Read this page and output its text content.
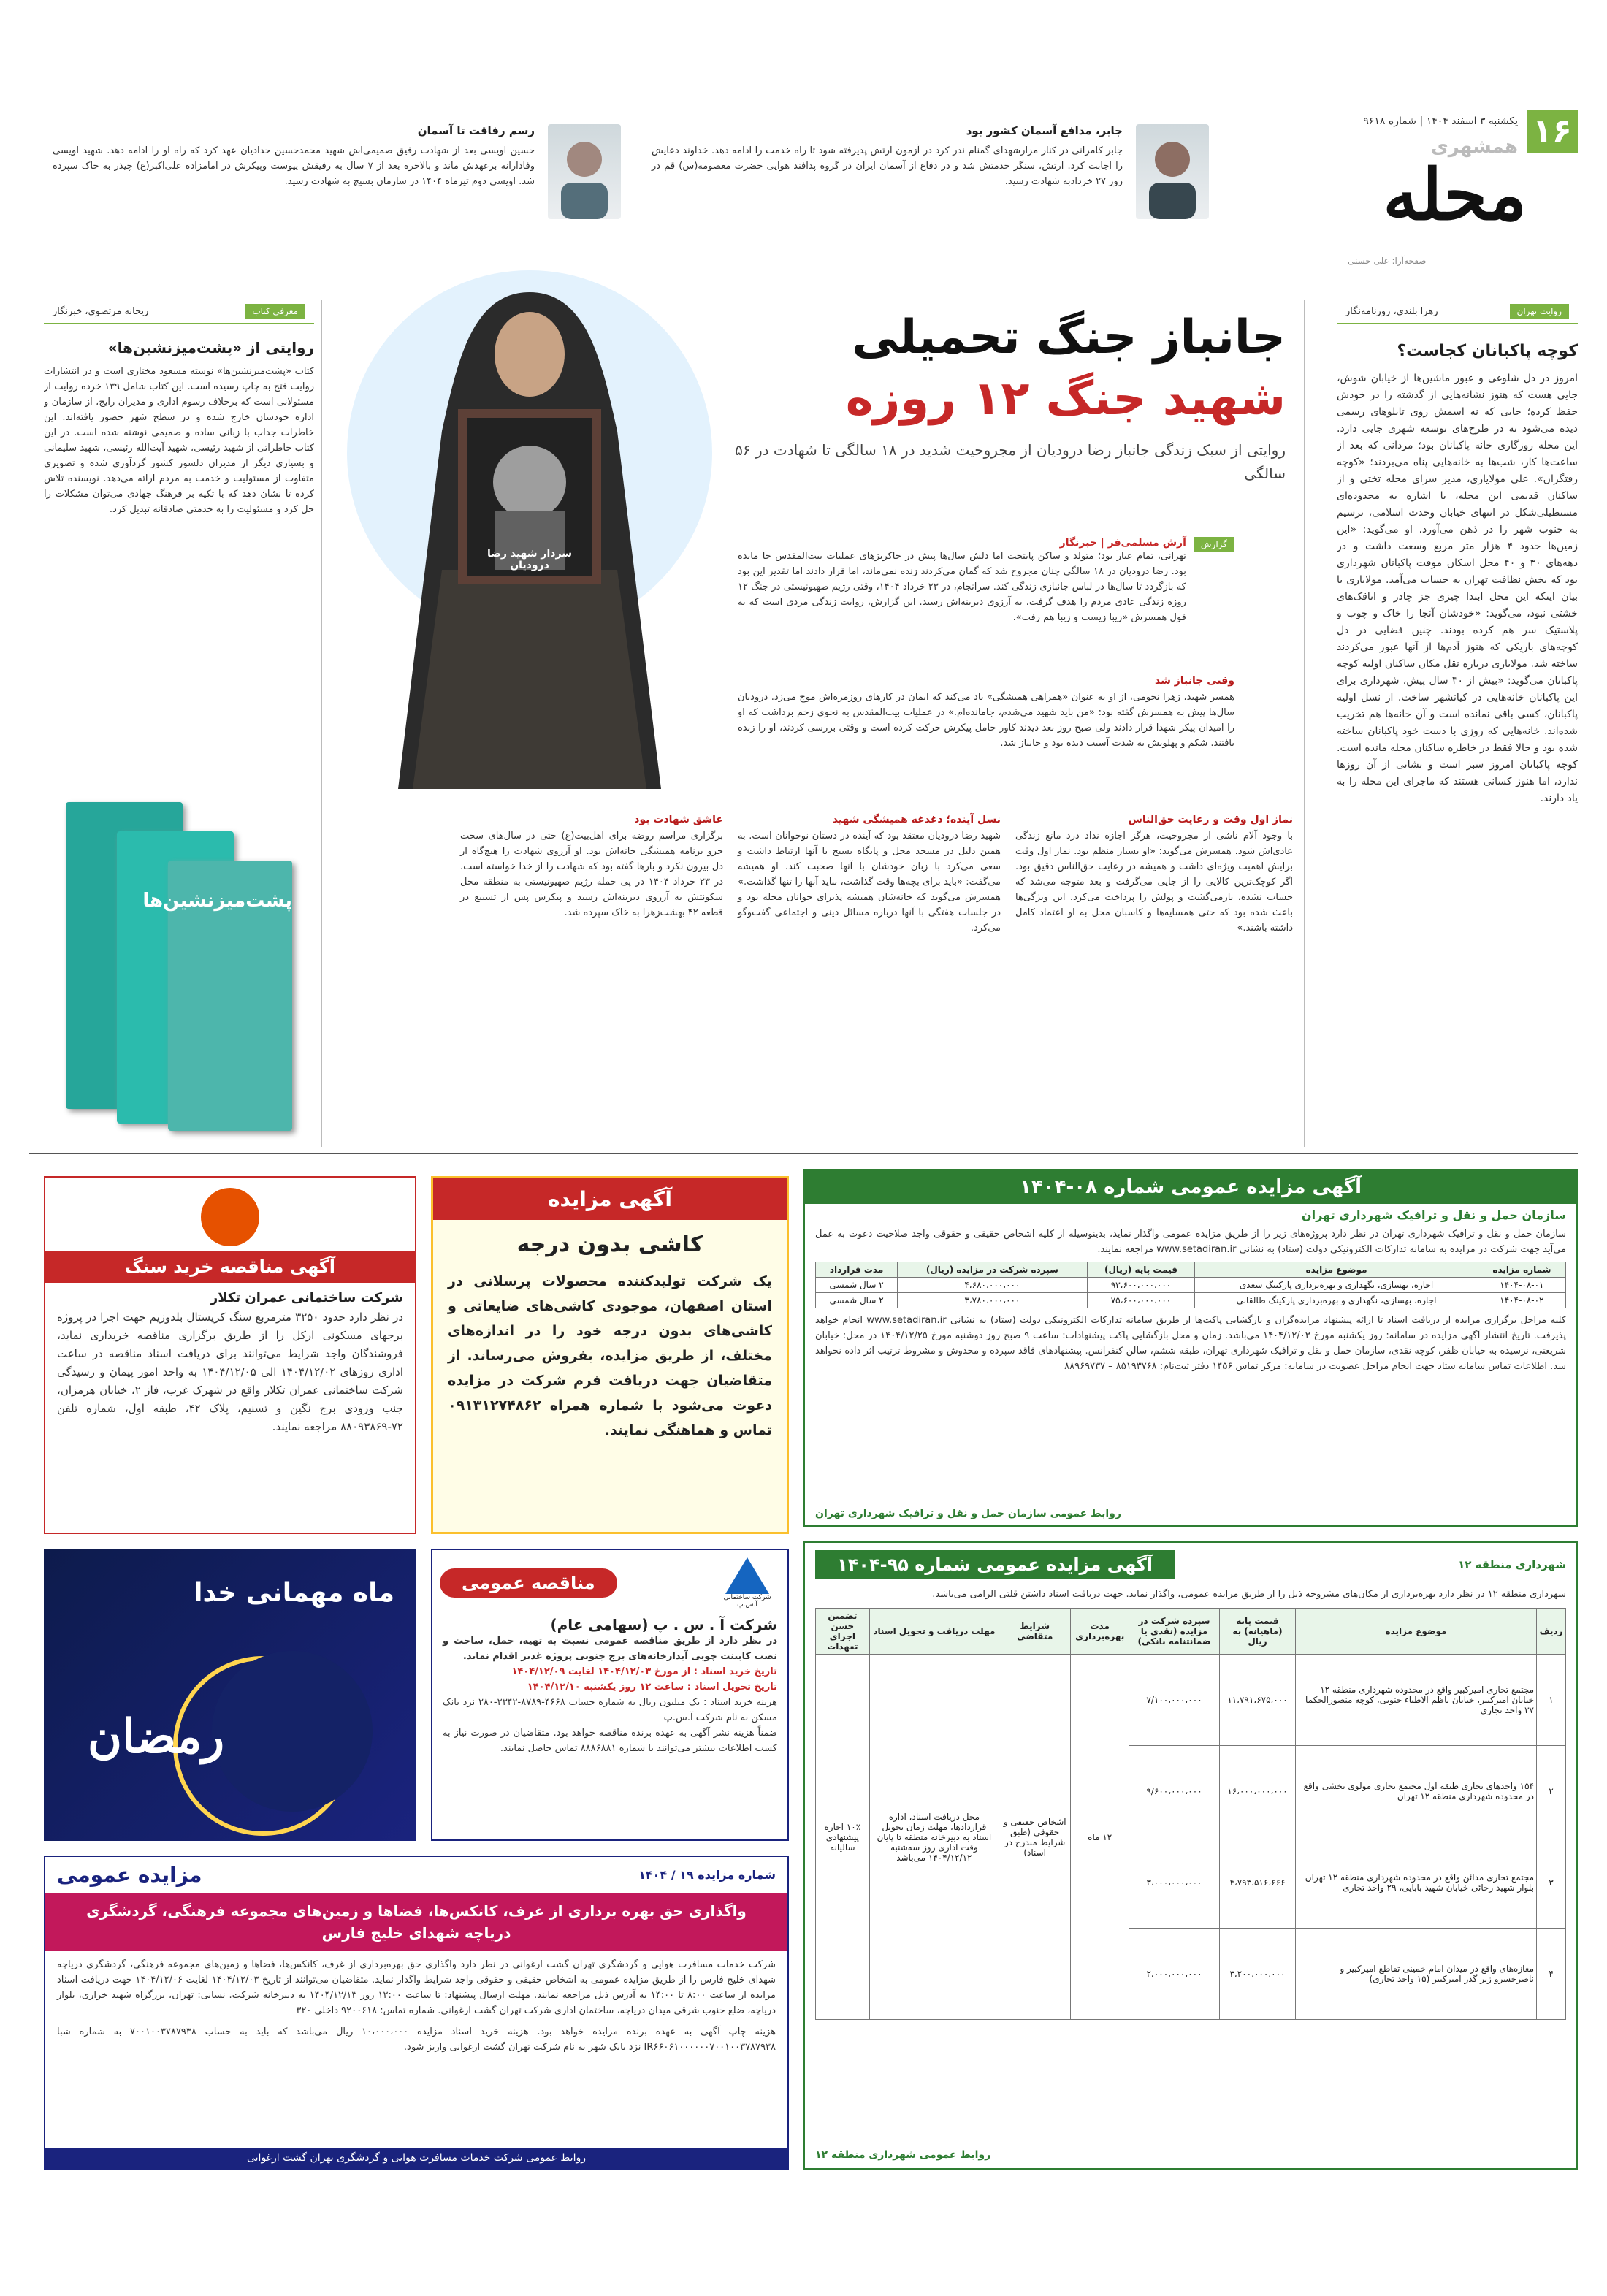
۱۶
یکشنبه ۳ اسفند ۱۴۰۴ | شماره ۹۶۱۸
همشهری
محله
صفحه‌آرا: علی حسنی
جابر، مدافع آسمان کشور بود
جابر کامرانی در کنار مزارشهدای گمنام نذر کرد در آزمون ارتش پذیرفته شود تا راه خدمت را ادامه دهد. خداوند دعایش را اجابت کرد. ارتش، سنگر خدمتش شد و در دفاع از آسمان ایران در گروه پدافند هوایی حضرت معصومه(س) قم در روز ۲۷ خردادبه شهادت رسید.
رسم رفاقت تا آسمان
حسین اویسی بعد از شهادت رفیق صمیمی‌اش شهید محمدحسین حدادیان عهد کرد که راه او را ادامه دهد. شهید اویسی وفادارانه برعهدش ماند و بالاخره بعد از ۷ سال به رفیقش پیوست وپیکرش در امامزاده علی‌اکبر(ع) چیذر به خاک سپرده شد. اویسی دوم تیرماه ۱۴۰۴ در سازمان بسیج به شهادت رسید.
روایت تهران
زهرا بلندی، روزنامه‌نگار
کوچه پاکبانان کجاست؟
امروز در دل شلوغی و عبور ماشین‌ها از خیابان شوش، جایی هست که هنوز نشانه‌هایی از گذشته را در خودش حفظ کرده؛ جایی که نه اسمش روی تابلوهای رسمی دیده می‌شود نه در طرح‌های توسعه شهری جایی دارد. این محله روزگاری خانه پاکبانان بود؛ مردانی که بعد از ساعت‌ها کار، شب‌ها به خانه‌هایی پناه می‌بردند؛ «کوچه رفتگران». علی مولایاری، مدیر سرای محله تختی و از ساکنان قدیمی این محله، با اشاره به محدوده‌ای مستطیلی‌شکل در انتهای خیابان وحدت اسلامی، ترسیم به جنوب شهر را در ذهن می‌آورد. او می‌گوید: «این زمین‌ها حدود ۴ هزار متر مربع وسعت داشت و در دهه‌های ۳۰ و ۴۰ محل اسکان موقت پاکبانان شهرداری بود که بخش نظافت تهران به حساب می‌آمد. مولایاری با بیان اینکه این محل ابتدا چیزی جز چادر و اتاقک‌های خشتی نبود، می‌گوید: «خودشان آنجا را خاک و چوب و پلاستیک سر هم کرده بودند. چنین فضایی در دل کوچه‌های باریکی که هنوز آدم‌ها از آنها عبور می‌کردند ساخته شد. مولایاری درباره نقل مکان ساکنان اولیه کوچه پاکبانان می‌گوید: «بیش از ۳۰ سال پیش، شهرداری برای این پاکبانان خانه‌هایی در کیانشهر ساخت. از نسل اولیه پاکبانان، کسی باقی نمانده است و آن خانه‌ها هم تخریب شده‌اند. خانه‌هایی که روزی با دست خود پاکبانان ساخته شده بود و حالا فقط در خاطره ساکنان محله مانده است. کوچه پاکبانان امروز سبز است و نشانی از آن روزها ندارد، اما هنوز کسانی هستند که ماجرای این محله را به یاد دارند.
جانباز جنگ تحمیلی
شهید جنگ ۱۲ روزه
روایتی از سبک زندگی جانباز رضا درودیان از مجروحیت شدید در ۱۸ سالگی تا شهادت در ۵۶ سالگی
سردار شهید رضا درودیان
گزارش
آرش مسلمی‌فر | خبرنگار
تهرانی، تمام عیار بود؛ متولد و ساکن پایتخت اما دلش سال‌ها پیش در خاکریزهای عملیات بیت‌المقدس جا مانده بود. رضا درودیان در ۱۸ سالگی چنان مجروح شد که گمان می‌کردند زنده نمی‌ماند، اما قرار دادند اما تقدیر این بود که بازگردد تا سال‌ها در لباس جانبازی زندگی کند. سرانجام، در ۲۳ خرداد ۱۴۰۴، وقتی رژیم صهیونیستی در جنگ ۱۲ روزه زندگی عادی مردم را هدف گرفت، به آرزوی دیرینه‌اش رسید. این گزارش، روایت زندگی مردی است که به قول همسرش «زیبا زیست و زیبا هم رفت».
وقتی جانباز شد
همسر شهید، زهرا نجومی، از او به عنوان «همراهی همیشگی» یاد می‌کند که ایمان در کارهای روزمره‌اش موج می‌زد. درودیان سال‌ها پیش به همسرش گفته بود: «من باید شهید می‌شدم، جامانده‌ام.» در عملیات بیت‌المقدس به نحوی زخم برداشت که او را امیدان پیکر شهدا قرار دادند ولی صبح روز بعد دیدند کاور حامل پیکرش حرکت کرده است و وقتی بررسی کردند، او را زنده یافتند. شکم و پهلویش به شدت آسیب دیده بود و جانباز شد.
نماز اول وقت و رعایت حق‌الناس
با وجود آلام ناشی از مجروحیت، هرگز اجازه نداد درد مانع زندگی عادی‌اش شود. همسرش می‌گوید: «او بسیار منظم بود. نماز اول وقت برایش اهمیت ویژه‌ای داشت و همیشه در رعایت حق‌الناس دقیق بود. اگر کوچک‌ترین کالایی را از جایی می‌گرفت و بعد متوجه می‌شد که حساب نشده، بازمی‌گشت و پولش را پرداخت می‌کرد. این ویژگی‌ها باعث شده بود که حتی همسایه‌ها و کاسبان محل به او اعتماد کامل داشته باشند.»
نسل آینده؛ دغدغه همیشگی شهید
شهید رضا درودیان معتقد بود که آینده در دستان نوجوانان است. به همین دلیل در مسجد محل و پایگاه بسیج با آنها ارتباط داشت و سعی می‌کرد با زبان خودشان با آنها صحبت کند. او همیشه می‌گفت: «باید برای بچه‌ها وقت گذاشت، نباید آنها را تنها گذاشت.» همسرش می‌گوید که خانه‌شان همیشه پذیرای جوانان محله بود و در جلسات هفتگی با آنها درباره مسائل دینی و اجتماعی گفت‌وگو می‌کرد.
عاشق شهادت بود
برگزاری مراسم روضه برای اهل‌بیت(ع) حتی در سال‌های سخت جزو برنامه همیشگی خانه‌اش بود. او آرزوی شهادت را هیچ‌گاه از دل بیرون نکرد و بارها گفته بود که شهادت را از خدا خواسته است. در ۲۳ خرداد ۱۴۰۴ در پی حمله رژیم صهیونیستی به منطقه محل سکونتش به آرزوی دیرینه‌اش رسید و پیکرش پس از تشییع در قطعه ۴۲ بهشت‌زهرا به خاک سپرده شد.
معرفی کتاب
ریحانه مرتضوی، خبرنگار
روایتی از «پشت‌میزنشین‌ها»
کتاب «پشت‌میزنشین‌ها» نوشته مسعود مختاری است و در انتشارات روایت فتح به چاپ رسیده است. این کتاب شامل ۱۳۹ خرده روایت از مسئولانی است که برخلاف رسوم اداری و مدیران رایج، از سازمان و اداره خودشان خارج شده و در سطح شهر حضور یافته‌اند. این خاطرات جذاب با زبانی ساده و صمیمی نوشته شده است. در این کتاب خاطراتی از شهید رئیسی، شهید آیت‌الله رئیسی، شهید سلیمانی و بسیاری دیگر از مدیران دلسوز کشور گردآوری شده و تصویری متفاوت از مسئولیت و خدمت به مردم ارائه می‌دهد. نویسنده تلاش کرده تا نشان دهد که با تکیه بر فرهنگ جهادی می‌توان مشکلات را حل کرد و مسئولیت را به خدمتی صادقانه تبدیل کرد.
پشت‌میزنشین‌ها
آگهی مزایده عمومی شماره ۰۸-۱۴۰۴
سازمان حمل و نقل و ترافیک شهرداری تهران
سازمان حمل و نقل و ترافیک شهرداری تهران در نظر دارد پروژه‌های زیر را از طریق مزایده عمومی واگذار نماید، بدینوسیله از کلیه اشخاص حقیقی و حقوقی واجد صلاحیت دعوت به عمل می‌آید جهت شرکت در مزایده به سامانه تدارکات الکترونیکی دولت (ستاد) به نشانی www.setadiran.ir مراجعه نمایند.
شماره مزایده	موضوع مزایده	قیمت پایه (ریال)	سپرده شرکت در مزایده (ریال)	مدت قرارداد
۱۴۰۴-۰۸-۰۱	اجاره، بهسازی، نگهداری و بهره‌برداری پارکینگ سعدی	۹۳،۶۰۰،۰۰۰،۰۰۰	۴،۶۸۰،۰۰۰،۰۰۰	۲ سال شمسی
۱۴۰۴-۰۸-۰۲	اجاره، بهسازی، نگهداری و بهره‌برداری پارکینگ طالقانی	۷۵،۶۰۰،۰۰۰،۰۰۰	۳،۷۸۰،۰۰۰،۰۰۰	۲ سال شمسی
کلیه مراحل برگزاری مزایده از دریافت اسناد تا ارائه پیشنهاد مزایده‌گران و بازگشایی پاکت‌ها از طریق سامانه تدارکات الکترونیکی دولت (ستاد) به نشانی www.setadiran.ir انجام خواهد پذیرفت. تاریخ انتشار آگهی مزایده در سامانه: روز یکشنبه مورخ ۱۴۰۴/۱۲/۰۳ می‌باشد. زمان و محل بازگشایی پاکت پیشنهادات: ساعت ۹ صبح روز دوشنبه مورخ ۱۴۰۴/۱۲/۲۵ در محل: خیابان شریعتی، نرسیده به خیابان ظفر، کوچه نقدی، سازمان حمل و نقل و ترافیک شهرداری تهران، طبقه ششم، سالن کنفرانس. پیشنهادهای فاقد سپرده و مخدوش و مشروط ترتیب اثر داده نخواهد شد. اطلاعات تماس سامانه ستاد جهت انجام مراحل عضویت در سامانه: مرکز تماس ۱۴۵۶ دفتر ثبت‌نام: ۸۵۱۹۳۷۶۸ – ۸۸۹۶۹۷۳۷
روابط عمومی سازمان حمل و نقل و ترافیک شهرداری تهران
آگهی مزایده
کاشی بدون درجه
یک شرکت تولیدکننده محصولات پرسلانی در استان اصفهان، موجودی کاشی‌های ضایعاتی و کاشی‌های بدون درجه خود را در اندازه‌های مختلف، از طریق مزایده، بفروش می‌رساند. از متقاضیان جهت دریافت فرم شرکت در مزایده دعوت می‌شود با شماره همراه ۰۹۱۳۱۲۷۴۸۶۲ تماس و هماهنگی نمایند.
آگهی مناقصه خرید سنگ
شرکت ساختمانی عمران تکلار
در نظر دارد حدود ۳۲۵۰ مترمربع سنگ کریستال بلدوزیم جهت اجرا در پروژه برجهای مسکونی ارکل را از طریق برگزاری مناقصه خریداری نماید، فروشندگان واجد شرایط می‌توانند برای دریافت اسناد مناقصه در ساعت اداری روزهای ۱۴۰۴/۱۲/۰۲ الی ۱۴۰۴/۱۲/۰۵ به واحد امور پیمان و رسیدگی شرکت ساختمانی عمران تکلار واقع در شهرک غرب، فاز ۲، خیابان هرمزان، جنب ورودی برج نگین و تسنیم، پلاک ۴۲، طبقه اول، شماره تلفن ۷۲-۸۸۰۹۳۸۶۹ مراجعه نمایند.
شرکت ساختمانی آ.س.پ
مناقصه عمومی
شرکت آ . س . پ (سهامی عام)
در نظر دارد از طریق مناقصه عمومی نسبت به تهیه، حمل، ساخت و نصب کابینت چوبی آبدارخانه‌های برج جنوبی پروژه غدیر اقدام نماید.
تاریخ خرید اسناد : از مورخ ۱۴۰۴/۱۲/۰۳ لغایت ۱۴۰۴/۱۲/۰۹
تاریخ تحویل اسناد : ساعت ۱۲ روز یکشنبه ۱۴۰۴/۱۲/۱۰
هزینه خرید اسناد : یک میلیون ریال به شماره حساب ۴۶۶۸-۸۷۸۹-۲۳۴۲-۲۸۰ نزد بانک مسکن به نام شرکت آ.س.پ
ضمناً هزینه نشر آگهی به عهده برنده مناقصه خواهد بود. متقاضیان در صورت نیاز به کسب اطلاعات بیشتر می‌توانند با شماره ۸۸۸۶۸۸۱ تماس حاصل نمایند.
شهرداری منطقه ۱۲
آگهی مزایده عمومی شماره ۹۵-۱۴۰۴
شهرداری منطقه ۱۲ در نظر دارد بهره‌برداری از مکان‌های مشروحه ذیل را از طریق مزایده عمومی، واگذار نماید. جهت دریافت اسناد داشتن قلتی الزامی می‌باشد.
ردیف	موضوع مزایده	قیمت پایه (ماهیانه) به ریال	سپرده شرکت در مزایده (نقدی یا ضمانتنامه بانکی)	مدت بهره‌برداری	شرایط متقاضی	مهلت دریافت و تحویل اسناد	تضمین حسن اجرای تعهدات
۱	مجتمع تجاری امیرکبیر واقع در محدوده شهرداری منطقه ۱۲ خیابان امیرکبیر، خیابان ناظم الاطباء جنوبی، کوچه منصورالحکما ۳۷ واحد تجاری	۱۱،۷۹۱،۶۷۵،۰۰۰	۷/۱۰۰،۰۰۰،۰۰۰	۱۲ ماه	اشخاص حقیقی و حقوقی (طبق شرایط مندرج در اسناد)	محل دریافت اسناد، اداره قراردادها، مهلت زمان تحویل اسناد به دبیرخانه منطقه تا پایان وقت اداری روز سه‌شنبه ۱۴۰۴/۱۲/۱۲ می‌باشد	۱۰٪ اجاره پیشنهادی سالیانه
۲	۱۵۴ واحدهای تجاری طبقه اول مجتمع تجاری مولوی بخشی واقع در محدوده شهرداری منطقه ۱۲ تهران	۱۶،۰۰۰،۰۰۰،۰۰۰	۹/۶۰۰،۰۰۰،۰۰۰				
۳	مجتمع تجاری مدائن واقع در محدوده شهرداری منطقه ۱۲ تهران بلوار شهید رجائی خیابان شهید بابایی، ۲۹ واحد تجاری	۴،۷۹۳،۵۱۶،۶۶۶	۳،۰۰۰،۰۰۰،۰۰۰				
۴	مغازه‌های واقع در میدان امام خمینی تقاطع امیرکبیر و ناصرخسرو زیر گذر امیرکبیر (۱۵ واحد تجاری)	۳،۲۰۰،۰۰۰،۰۰۰	۲،۰۰۰،۰۰۰،۰۰۰				
روابط عمومی شهرداری منطقه ۱۲
ماه مهمانی خدا
رمضان
شماره مزایده ۱۹ / ۱۴۰۴
مزایده عمومی
واگذاری حق بهره برداری از غرف، کانکس‌ها، فضاها و زمین‌های مجموعه فرهنگی، گردشگری دریاچه شهدای خلیج فارس
شرکت خدمات مسافرت هوایی و گردشگری تهران گشت ارغوانی در نظر دارد واگذاری حق بهره‌برداری از غرف، کانکس‌ها، فضاها و زمین‌های مجموعه فرهنگی، گردشگری دریاچه شهدای خلیج فارس را از طریق مزایده عمومی به اشخاص حقیقی و حقوقی واجد شرایط واگذار نماید. متقاضیان می‌توانند از تاریخ ۱۴۰۴/۱۲/۰۳ لغایت ۱۴۰۴/۱۲/۰۶ جهت دریافت اسناد مزایده از ساعت ۸:۰۰ تا ۱۴:۰۰ به آدرس ذیل مراجعه نمایند. مهلت ارسال پیشنهاد: تا ساعت ۱۲:۰۰ روز ۱۴۰۴/۱۲/۱۳ به دبیرخانه شرکت. نشانی: تهران، بزرگراه شهید خرازی، بلوار دریاچه، ضلع جنوب شرقی میدان دریاچه، ساختمان اداری شرکت تهران گشت ارغوانی. شماره تماس: ۹۲۰۰۶۱۸ داخلی ۳۲۰
هزینه چاپ آگهی به عهده برنده مزایده خواهد بود. هزینه خرید اسناد مزایده ۱۰،۰۰۰،۰۰۰ ریال می‌باشد که باید به حساب ۷۰۰۱۰۰۳۷۸۷۹۳۸ به شماره شبا IR۶۶۰۶۱۰۰۰۰۰۰۷۰۰۱۰۰۳۷۸۷۹۳۸ نزد بانک شهر به نام شرکت تهران گشت ارغوانی واریز شود.
روابط عمومی شرکت خدمات مسافرت هوایی و گردشگری تهران گشت ارغوانی
